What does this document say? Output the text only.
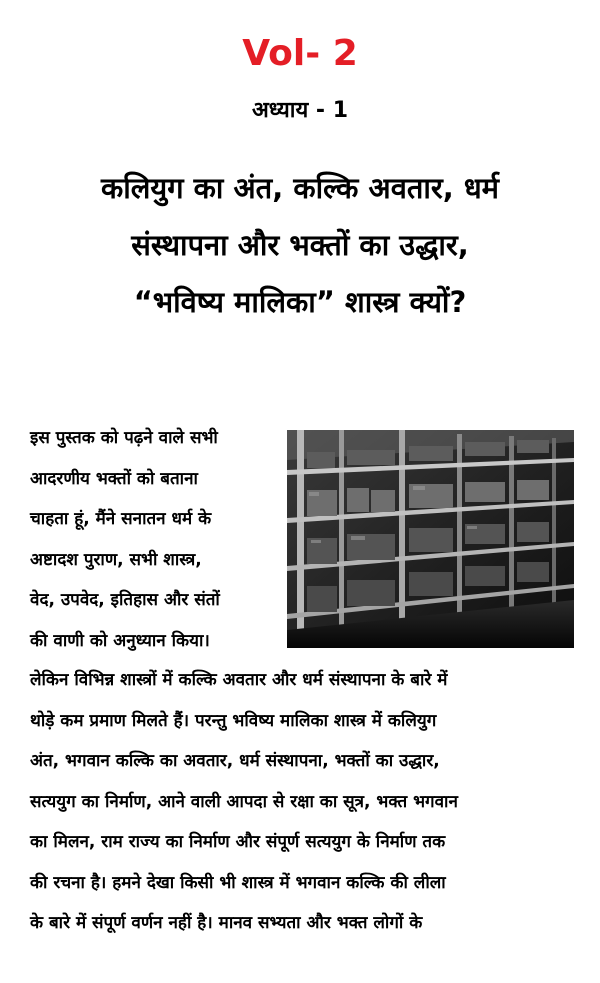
Vol- 2
अध्याय - 1
कलियुग का अंत, कल्कि अवतार, धर्म
संस्थापना और भक्तों का उद्धार,
“भविष्य मालिका” शास्त्र क्यों?
इस पुस्तक को पढ़ने वाले सभी
आदरणीय भक्तों को बताना
चाहता हूं, मैंने सनातन धर्म के
अष्टादश पुराण, सभी शास्त्र,
वेद, उपवेद, इतिहास और संतों
की वाणी को अनुध्यान किया।
लेकिन विभिन्न शास्त्रों में कल्कि अवतार और धर्म संस्थापना के बारे में
थोड़े कम प्रमाण मिलते हैं। परन्तु भविष्य मालिका शास्त्र में कलियुग
अंत, भगवान कल्कि का अवतार, धर्म संस्थापना, भक्तों का उद्धार,
सत्ययुग का निर्माण, आने वाली आपदा से रक्षा का सूत्र, भक्त भगवान
का मिलन, राम राज्य का निर्माण और संपूर्ण सत्ययुग के निर्माण तक
की रचना है। हमने देखा किसी भी शास्त्र में भगवान कल्कि की लीला
के बारे में संपूर्ण वर्णन नहीं है। मानव सभ्यता और भक्त लोगों के
